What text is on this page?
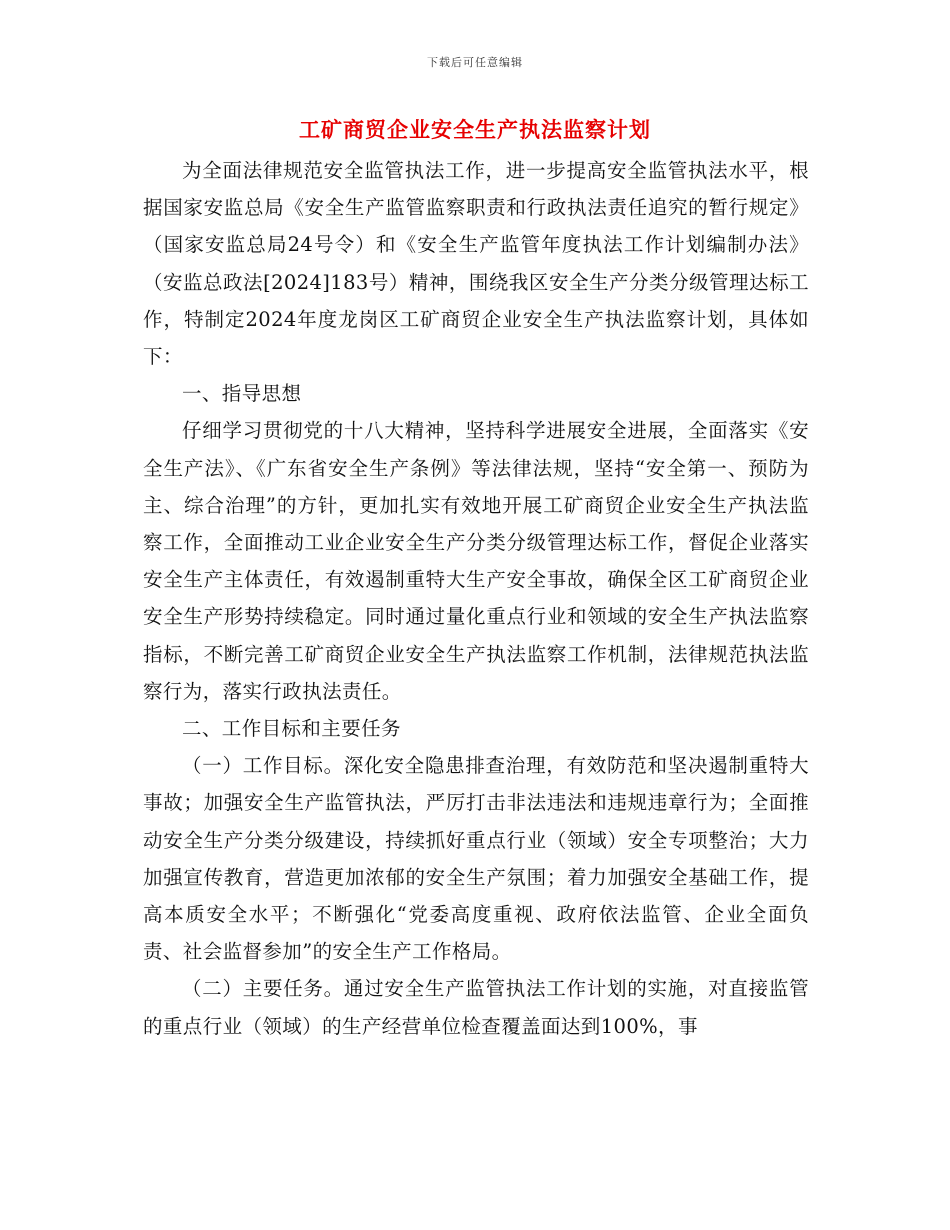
下载后可任意编辑
工矿商贸企业安全生产执法监察计划

为全面法律规范安全监管执法工作，进一步提高安全监管执法水平，根据国家安监总局《安全生产监管监察职责和行政执法责任追究的暂行规定》（国家安监总局24号令）和《安全生产监管年度执法工作计划编制办法》（安监总政法[2024]183号）精神，围绕我区安全生产分类分级管理达标工作，特制定2024年度龙岗区工矿商贸企业安全生产执法监察计划，具体如下：

一、指导思想

仔细学习贯彻党的十八大精神，坚持科学进展安全进展，全面落实《安全生产法》、《广东省安全生产条例》等法律法规，坚持“安全第一、预防为主、综合治理”的方针，更加扎实有效地开展工矿商贸企业安全生产执法监察工作，全面推动工业企业安全生产分类分级管理达标工作，督促企业落实安全生产主体责任，有效遏制重特大生产安全事故，确保全区工矿商贸企业安全生产形势持续稳定。同时通过量化重点行业和领域的安全生产执法监察指标，不断完善工矿商贸企业安全生产执法监察工作机制，法律规范执法监察行为，落实行政执法责任。

二、工作目标和主要任务

（一）工作目标。深化安全隐患排查治理，有效防范和坚决遏制重特大事故；加强安全生产监管执法，严厉打击非法违法和违规违章行为；全面推动安全生产分类分级建设，持续抓好重点行业（领域）安全专项整治；大力加强宣传教育，营造更加浓郁的安全生产氛围；着力加强安全基础工作，提高本质安全水平；不断强化“党委高度重视、政府依法监管、企业全面负责、社会监督参加”的安全生产工作格局。

（二）主要任务。通过安全生产监管执法工作计划的实施，对直接监管的重点行业（领域）的生产经营单位检查覆盖面达到100%，事
